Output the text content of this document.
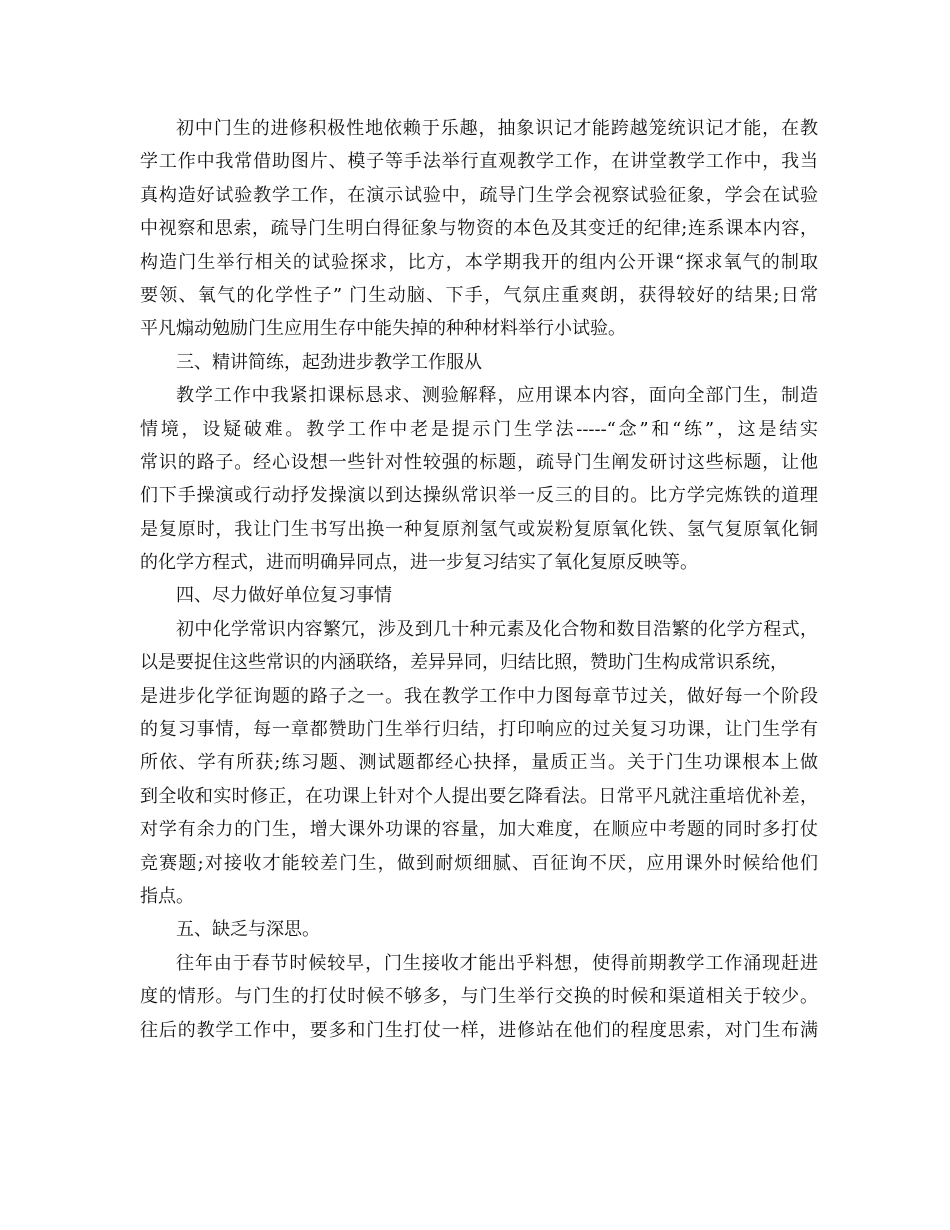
初中门生的进修积极性地依赖于乐趣，抽象识记才能跨越笼统识记才能，在教
学工作中我常借助图片、模子等手法举行直观教学工作，在讲堂教学工作中，我当
真构造好试验教学工作，在演示试验中，疏导门生学会视察试验征象，学会在试验
中视察和思索，疏导门生明白得征象与物资的本色及其变迁的纪律;连系课本内容，
构造门生举行相关的试验探求，比方，本学期我开的组内公开课“探求氧气的制取
要领、氧气的化学性子” 门生动脑、下手，气氛庄重爽朗，获得较好的结果;日常
平凡煽动勉励门生应用生存中能失掉的种种材料举行小试验。
三、精讲简练，起劲进步教学工作服从
教学工作中我紧扣课标恳求、测验解释，应用课本内容，面向全部门生，制造
情境，设疑破难。教学工作中老是提示门生学法-----“念”和“练”，这是结实
常识的路子。经心设想一些针对性较强的标题，疏导门生阐发研讨这些标题，让他
们下手操演或行动抒发操演以到达操纵常识举一反三的目的。比方学完炼铁的道理
是复原时，我让门生书写出换一种复原剂氢气或炭粉复原氧化铁、氢气复原氧化铜
的化学方程式，进而明确异同点，进一步复习结实了氧化复原反映等。
四、尽力做好单位复习事情
初中化学常识内容繁冗，涉及到几十种元素及化合物和数目浩繁的化学方程式，
以是要捉住这些常识的内涵联络，差异异同，归结比照，赞助门生构成常识系统，
是进步化学征询题的路子之一。我在教学工作中力图每章节过关，做好每一个阶段
的复习事情，每一章都赞助门生举行归结，打印响应的过关复习功课，让门生学有
所依、学有所获;练习题、测试题都经心抉择，量质正当。关于门生功课根本上做
到全收和实时修正，在功课上针对个人提出要乞降看法。日常平凡就注重培优补差，
对学有余力的门生，增大课外功课的容量，加大难度，在顺应中考题的同时多打仗
竞赛题;对接收才能较差门生，做到耐烦细腻、百征询不厌，应用课外时候给他们
指点。
五、缺乏与深思。
往年由于春节时候较早，门生接收才能出乎料想，使得前期教学工作涌现赶进
度的情形。与门生的打仗时候不够多，与门生举行交换的时候和渠道相关于较少。
往后的教学工作中，要多和门生打仗一样，进修站在他们的程度思索，对门生布满
